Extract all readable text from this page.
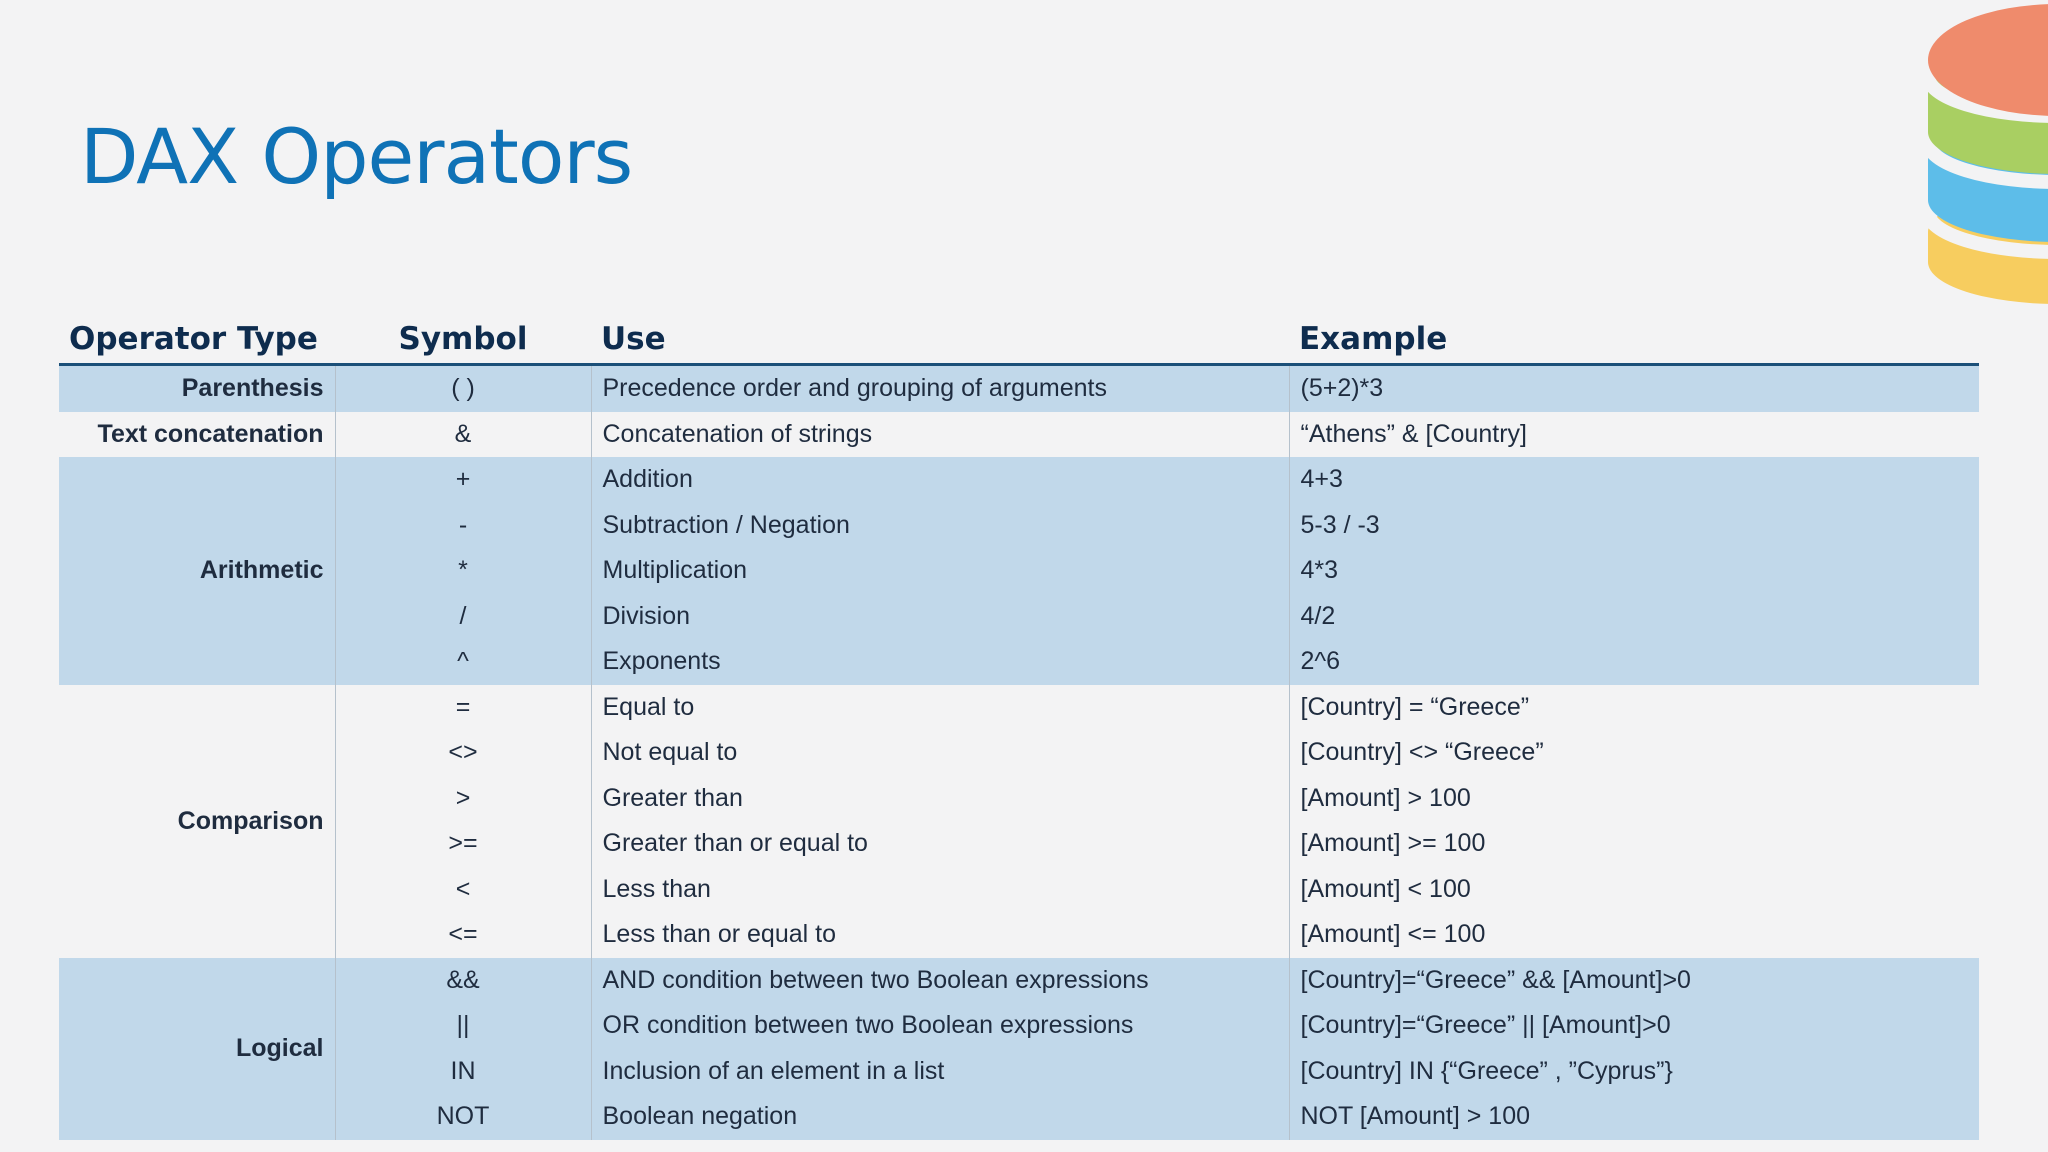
DAX Operators
Operator Type	Symbol	Use	Example
Parenthesis	( )	Precedence order and grouping of arguments	(5+2)*3
Text concatenation	&	Concatenation of strings	“Athens” & [Country]
Arithmetic	+	Addition	4+3
	-	Subtraction / Negation	5-3 / -3
	*	Multiplication	4*3
	/	Division	4/2
	^	Exponents	2^6
Comparison	=	Equal to	[Country] = “Greece”
	<>	Not equal to	[Country] <> “Greece”
	>	Greater than	[Amount] > 100
	>=	Greater than or equal to	[Amount] >= 100
	<	Less than	[Amount] < 100
	<=	Less than or equal to	[Amount] <= 100
Logical	&&	AND condition between two Boolean expressions	[Country]=“Greece” && [Amount]>0
	||	OR condition between two Boolean expressions	[Country]=“Greece” || [Amount]>0
	IN	Inclusion of an element in a list	[Country] IN {“Greece” , ”Cyprus”}
	NOT	Boolean negation	NOT [Amount] > 100
